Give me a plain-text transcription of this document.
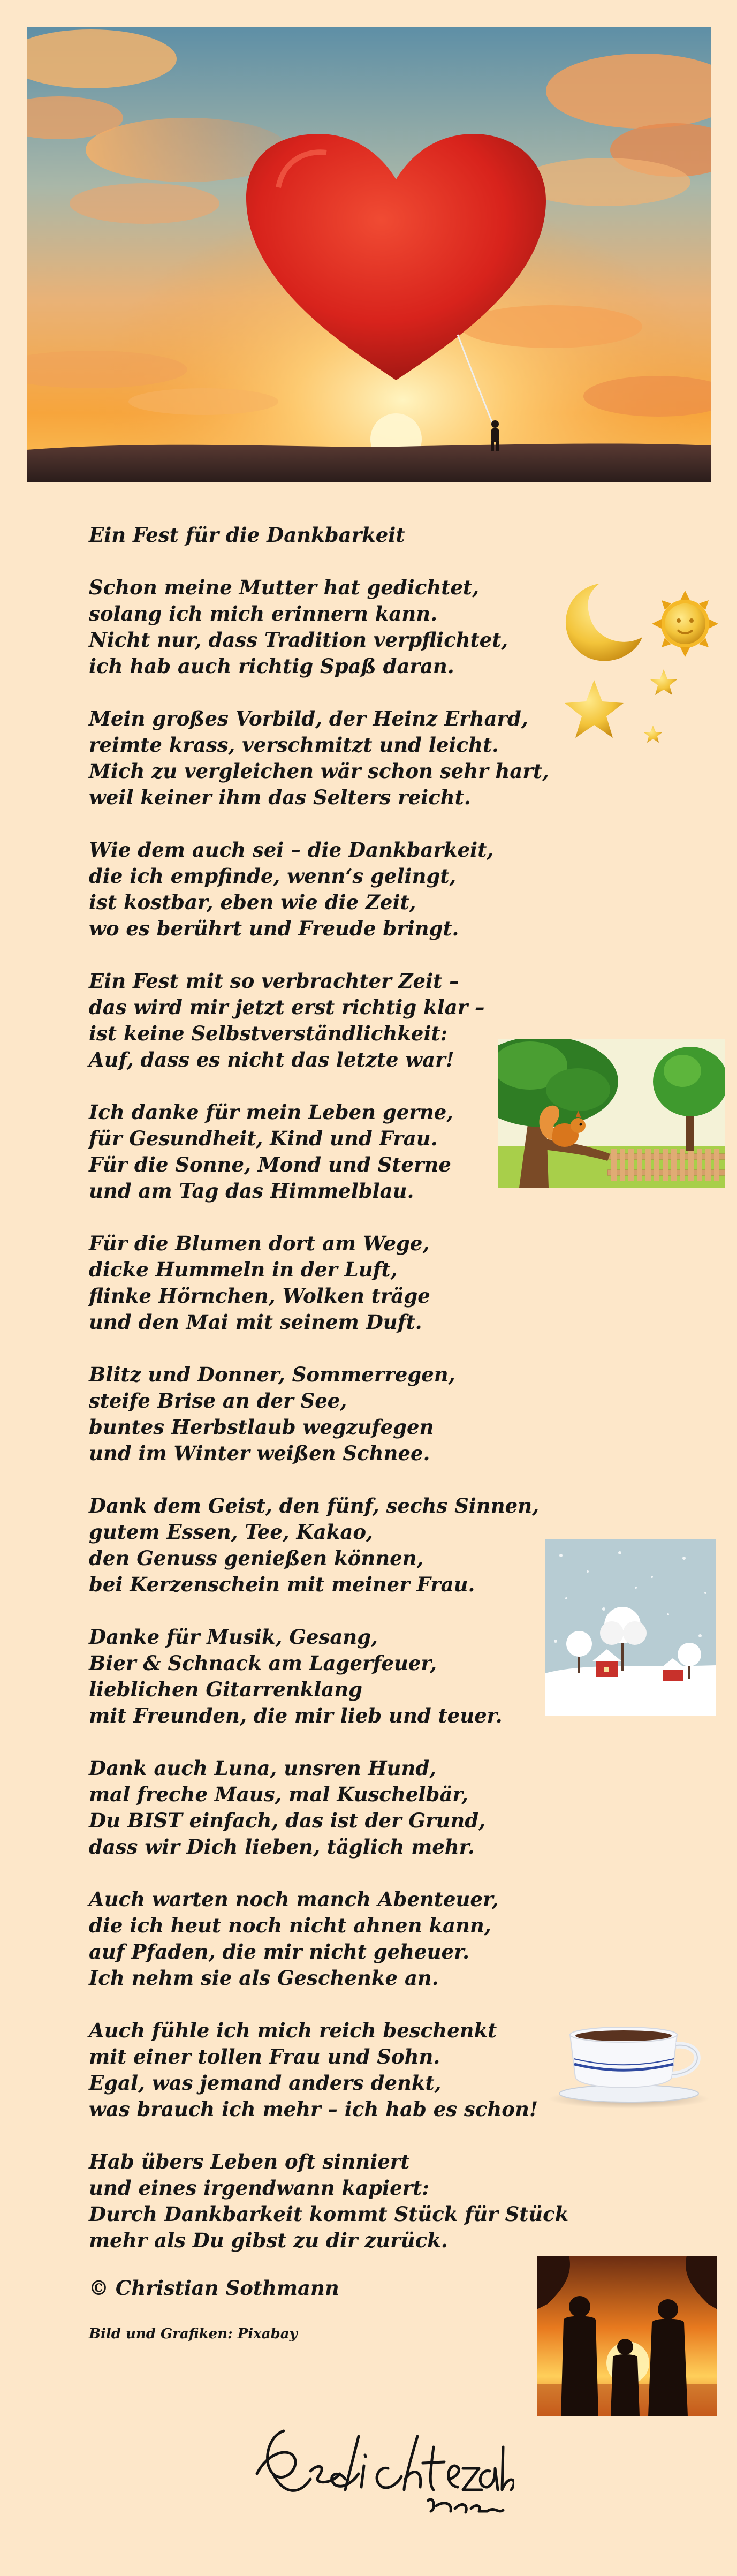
Ein Fest für die Dankbarkeit
Schon meine Mutter hat gedichtet,
solang ich mich erinnern kann.
Nicht nur, dass Tradition verpflichtet,
ich hab auch richtig Spaß daran.
Mein großes Vorbild, der Heinz Erhard,
reimte krass, verschmitzt und leicht.
Mich zu vergleichen wär schon sehr hart,
weil keiner ihm das Selters reicht.
Wie dem auch sei – die Dankbarkeit,
die ich empfinde, wenn‘s gelingt,
ist kostbar, eben wie die Zeit,
wo es berührt und Freude bringt.
Ein Fest mit so verbrachter Zeit –
das wird mir jetzt erst richtig klar –
ist keine Selbstverständlichkeit:
Auf, dass es nicht das letzte war!
Ich danke für mein Leben gerne,
für Gesundheit, Kind und Frau.
Für die Sonne, Mond und Sterne
und am Tag das Himmelblau.
Für die Blumen dort am Wege,
dicke Hummeln in der Luft,
flinke Hörnchen, Wolken träge
und den Mai mit seinem Duft.
Blitz und Donner, Sommerregen,
steife Brise an der See,
buntes Herbstlaub wegzufegen
und im Winter weißen Schnee.
Dank dem Geist, den fünf, sechs Sinnen,
gutem Essen, Tee, Kakao,
den Genuss genießen können,
bei Kerzenschein mit meiner Frau.
Danke für Musik, Gesang,
Bier & Schnack am Lagerfeuer,
lieblichen Gitarrenklang
mit Freunden, die mir lieb und teuer.
Dank auch Luna, unsren Hund,
mal freche Maus, mal Kuschelbär,
Du BIST einfach, das ist der Grund,
dass wir Dich lieben, täglich mehr.
Auch warten noch manch Abenteuer,
die ich heut noch nicht ahnen kann,
auf Pfaden, die mir nicht geheuer.
Ich nehm sie als Geschenke an.
Auch fühle ich mich reich beschenkt
mit einer tollen Frau und Sohn.
Egal, was jemand anders denkt,
was brauch ich mehr – ich hab es schon!
Hab übers Leben oft sinniert
und eines irgendwann kapiert:
Durch Dankbarkeit kommt Stück für Stück
mehr als Du gibst zu dir zurück.
© Christian Sothmann
Bild und Grafiken: Pixabay
